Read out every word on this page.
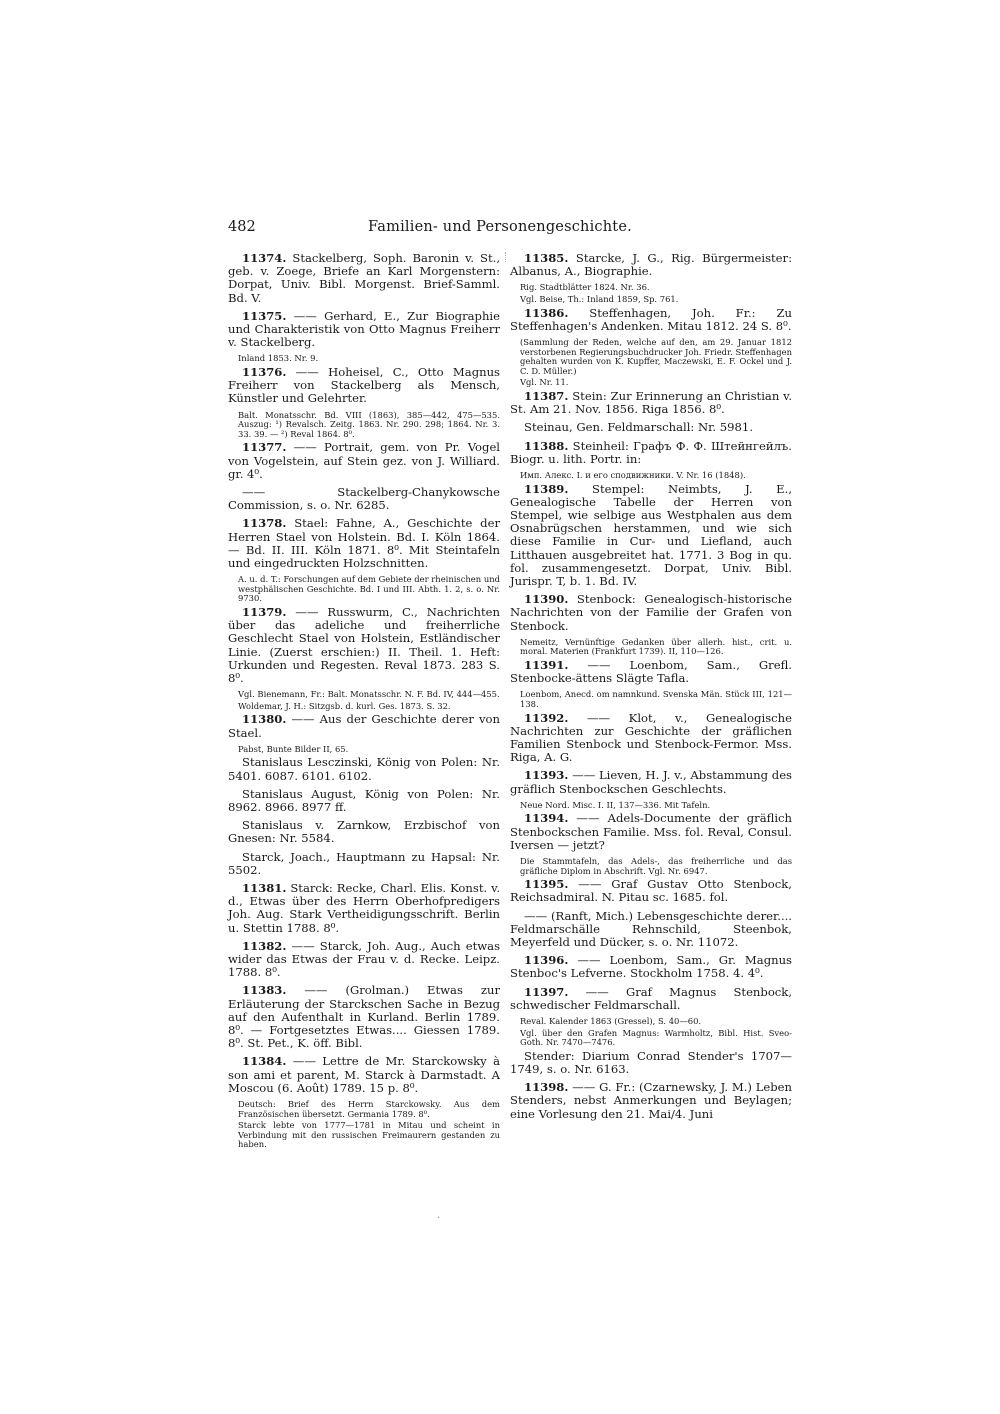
482	Familien- und Personengeschichte.
11374. Stackelberg, Soph. Baronin v. St., geb. v. Zoege, Briefe an Karl Morgenstern: Dorpat, Univ. Bibl. Morgenst. Brief-Samml. Bd. V.
11375. —— Gerhard, E., Zur Biographie und Charakteristik von Otto Magnus Freiherr v. Stackelberg.
Inland 1853. Nr. 9.
11376. —— Hoheisel, C., Otto Magnus Freiherr von Stackelberg als Mensch, Künstler und Gelehrter.
Balt. Monatsschr. Bd. VIII (1863), 385—442, 475—535. Auszug: ¹) Revalsch. Zeitg. 1863. Nr. 290. 298; 1864. Nr. 3. 33. 39. — ²) Reval 1864. 8⁰.
11377. —— Portrait, gem. von Pr. Vogel von Vogelstein, auf Stein gez. von J. Williard. gr. 4⁰.
—— Stackelberg-Chanykowsche Commission, s. o. Nr. 6285.
11378. Stael: Fahne, A., Geschichte der Herren Stael von Holstein. Bd. I. Köln 1864. — Bd. II. III. Köln 1871. 8⁰. Mit Steintafeln und eingedruckten Holzschnitten.
A. u. d. T.: Forschungen auf dem Gebiete der rheinischen und westphälischen Geschichte. Bd. I und III. Abth. 1. 2, s. o. Nr. 9730.
11379. —— Russwurm, C., Nachrichten über das adeliche und freiherrliche Geschlecht Stael von Holstein, Estländischer Linie. (Zuerst erschien:) II. Theil. 1. Heft: Urkunden und Regesten. Reval 1873. 283 S. 8⁰.
Vgl. Bienemann, Fr.: Balt. Monatsschr. N. F. Bd. IV, 444—455.
Woldemar, J. H.: Sitzgsb. d. kurl. Ges. 1873. S. 32.
11380. —— Aus der Geschichte derer von Stael.
Pabst, Bunte Bilder II, 65.
Stanislaus Lesczinski, König von Polen: Nr. 5401. 6087. 6101. 6102.
Stanislaus August, König von Polen: Nr. 8962. 8966. 8977 ff.
Stanislaus v. Zarnkow, Erzbischof von Gnesen: Nr. 5584.
Starck, Joach., Hauptmann zu Hapsal: Nr. 5502.
11381. Starck: Recke, Charl. Elis. Konst. v. d., Etwas über des Herrn Oberhofpredigers Joh. Aug. Stark Vertheidigungsschrift. Berlin u. Stettin 1788. 8⁰.
11382. —— Starck, Joh. Aug., Auch etwas wider das Etwas der Frau v. d. Recke. Leipz. 1788. 8⁰.
11383. —— (Grolman.) Etwas zur Erläuterung der Starckschen Sache in Bezug auf den Aufenthalt in Kurland. Berlin 1789. 8⁰. — Fortgesetztes Etwas.... Giessen 1789. 8⁰. St. Pet., K. öff. Bibl.
11384. —— Lettre de Mr. Starckowsky à son ami et parent, M. Starck à Darmstadt. A Moscou (6. Août) 1789. 15 p. 8⁰.
Deutsch: Brief des Herrn Starckowsky. Aus dem Französischen übersetzt. Germania 1789. 8⁰.
Starck lebte von 1777—1781 in Mitau und scheint in Verbindung mit den russischen Freimaurern gestanden zu haben.
11385. Starcke, J. G., Rig. Bürgermeister: Albanus, A., Biographie.
Rig. Stadtblätter 1824. Nr. 36.
Vgl. Beise, Th.: Inland 1859, Sp. 761.
11386. Steffenhagen, Joh. Fr.: Zu Steffenhagen's Andenken. Mitau 1812. 24 S. 8⁰.
(Sammlung der Reden, welche auf den, am 29. Januar 1812 verstorbenen Regierungsbuchdrucker Joh. Friedr. Steffenhagen gehalten wurden von K. Kupffer, Maczewski, E. F. Ockel und J. C. D. Müller.)
Vgl. Nr. 11.
11387. Stein: Zur Erinnerung an Christian v. St. Am 21. Nov. 1856. Riga 1856. 8⁰.
Steinau, Gen. Feldmarschall: Nr. 5981.
11388. Steinheil: Графъ Ф. Ф. Штейнгейлъ. Biogr. u. lith. Portr. in:
Имп. Алекс. I. и его сподвижники. V. Nr. 16 (1848).
11389. Stempel: Neimbts, J. E., Genealogische Tabelle der Herren von Stempel, wie selbige aus Westphalen aus dem Osnabrügschen herstammen, und wie sich diese Familie in Cur- und Liefland, auch Litthauen ausgebreitet hat. 1771. 3 Bog in qu. fol. zusammengesetzt. Dorpat, Univ. Bibl. Jurispr. T, b. 1. Bd. IV.
11390. Stenbock: Genealogisch-historische Nachrichten von der Familie der Grafen von Stenbock.
Nemeitz, Vernünftige Gedanken über allerh. hist., crit. u. moral. Materien (Frankfurt 1739). II, 110—126.
11391. —— Loenbom, Sam., Grefl. Stenbocke-ättens Slägte Tafla.
Loenbom, Anecd. om namnkund. Svenska Män. Stück III, 121—138.
11392. —— Klot, v., Genealogische Nachrichten zur Geschichte der gräflichen Familien Stenbock und Stenbock-Fermor. Mss. Riga, A. G.
11393. —— Lieven, H. J. v., Abstammung des gräflich Stenbockschen Geschlechts.
Neue Nord. Misc. I. II, 137—336. Mit Tafeln.
11394. —— Adels-Documente der gräflich Stenbockschen Familie. Mss. fol. Reval, Consul. Iversen — jetzt?
Die Stammtafeln, das Adels-, das freiherrliche und das gräfliche Diplom in Abschrift. Vgl. Nr. 6947.
11395. —— Graf Gustav Otto Stenbock, Reichsadmiral. N. Pitau sc. 1685. fol.
—— (Ranft, Mich.) Lebensgeschichte derer.... Feldmarschälle Rehnschild, Steenbok, Meyerfeld und Dücker, s. o. Nr. 11072.
11396. —— Loenbom, Sam., Gr. Magnus Stenboc's Lefverne. Stockholm 1758. 4. 4⁰.
11397. —— Graf Magnus Stenbock, schwedischer Feldmarschall.
Reval. Kalender 1863 (Gressel), S. 40—60.
Vgl. über den Grafen Magnus: Warmholtz, Bibl. Hist. Sveo-Goth. Nr. 7470—7476.
Stender: Diarium Conrad Stender's 1707—1749, s. o. Nr. 6163.
11398. —— G. Fr.: (Czarnewsky, J. M.) Leben Stenders, nebst Anmerkungen und Beylagen; eine Vorlesung den 21. Mai/4. Juni
·
